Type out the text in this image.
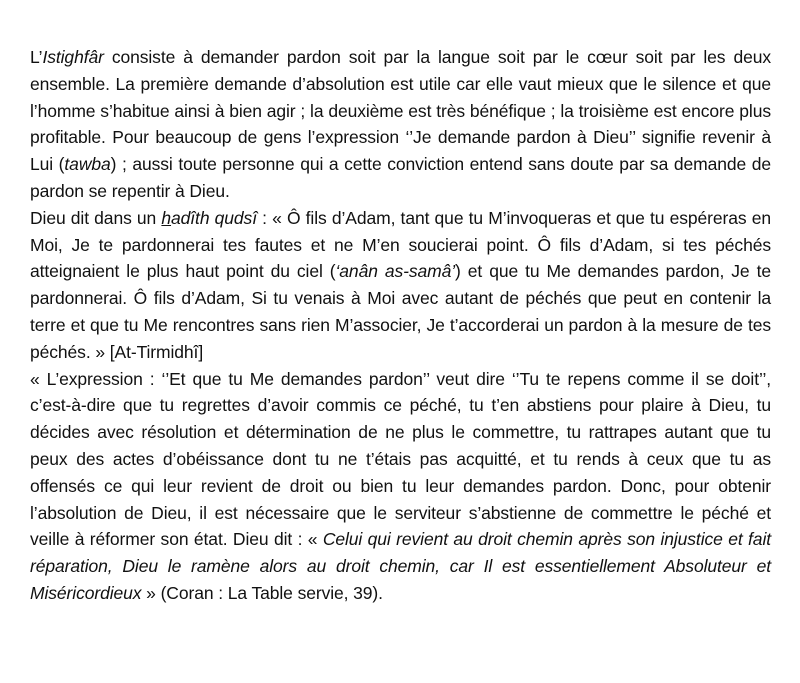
L’Istighfâr consiste à demander pardon soit par la langue soit par le cœur soit par les deux ensemble. La première demande d’absolution est utile car elle vaut mieux que le silence et que l’homme s’habitue ainsi à bien agir ; la deuxième est très bénéfique ; la troisième est encore plus profitable. Pour beaucoup de gens l’expression ‘’Je demande pardon à Dieu’’ signifie revenir à Lui (tawba) ; aussi toute personne qui a cette conviction entend sans doute par sa demande de pardon se repentir à Dieu.

Dieu dit dans un hadîth qudsî : « Ô fils d’Adam, tant que tu M’invoqueras et que tu espéreras en Moi, Je te pardonnerai tes fautes et ne M’en soucierai point. Ô fils d’Adam, si tes péchés atteignaient le plus haut point du ciel (‘anân as-samâ’) et que tu Me demandes pardon, Je te pardonnerai. Ô fils d’Adam, Si tu venais à Moi avec autant de péchés que peut en contenir la terre et que tu Me rencontres sans rien M’associer, Je t’accorderai un pardon à la mesure de tes péchés. » [At-Tirmidhî]

« L’expression : ‘’Et que tu Me demandes pardon’’ veut dire ‘’Tu te repens comme il se doit’’, c’est-à-dire que tu regrettes d’avoir commis ce péché, tu t’en abstiens pour plaire à Dieu, tu décides avec résolution et détermination de ne plus le commettre, tu rattrapes autant que tu peux des actes d’obéissance dont tu ne t’étais pas acquitté, et tu rends à ceux que tu as offensés ce qui leur revient de droit ou bien tu leur demandes pardon. Donc, pour obtenir l’absolution de Dieu, il est nécessaire que le serviteur s’abstienne de commettre le péché et veille à réformer son état. Dieu dit : « Celui qui revient au droit chemin après son injustice et fait réparation, Dieu le ramène alors au droit chemin, car Il est essentiellement Absoluteur et Miséricordieux » (Coran : La Table servie, 39).
